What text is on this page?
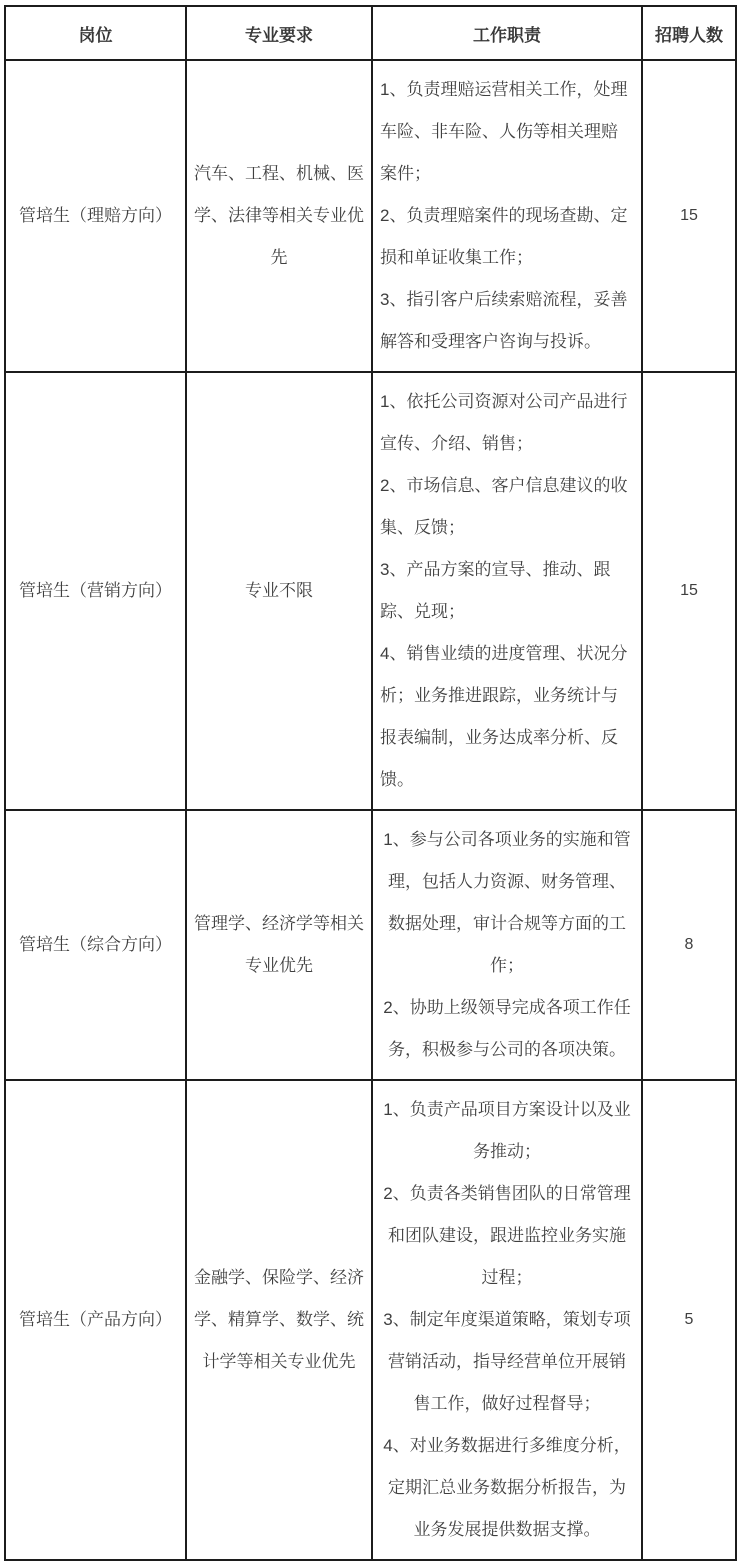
岗位	专业要求	工作职责	招聘人数
管培生（理赔方向）	汽车、工程、机械、医学、法律等相关专业优先	1、负责理赔运营相关工作，处理车险、非车险、人伤等相关理赔案件；
2、负责理赔案件的现场查勘、定损和单证收集工作；
3、指引客户后续索赔流程，妥善解答和受理客户咨询与投诉。	15
管培生（营销方向）	专业不限	1、依托公司资源对公司产品进行宣传、介绍、销售；
2、市场信息、客户信息建议的收集、反馈；
3、产品方案的宣导、推动、跟踪、兑现；
4、销售业绩的进度管理、状况分析；业务推进跟踪，业务统计与报表编制，业务达成率分析、反馈。	15
管培生（综合方向）	管理学、经济学等相关专业优先	1、参与公司各项业务的实施和管理，包括人力资源、财务管理、数据处理，审计合规等方面的工作；
2、协助上级领导完成各项工作任务，积极参与公司的各项决策。	8
管培生（产品方向）	金融学、保险学、经济学、精算学、数学、统计学等相关专业优先	1、负责产品项目方案设计以及业务推动；
2、负责各类销售团队的日常管理和团队建设，跟进监控业务实施过程；
3、制定年度渠道策略，策划专项营销活动，指导经营单位开展销售工作，做好过程督导；
4、对业务数据进行多维度分析，定期汇总业务数据分析报告，为业务发展提供数据支撑。	5
